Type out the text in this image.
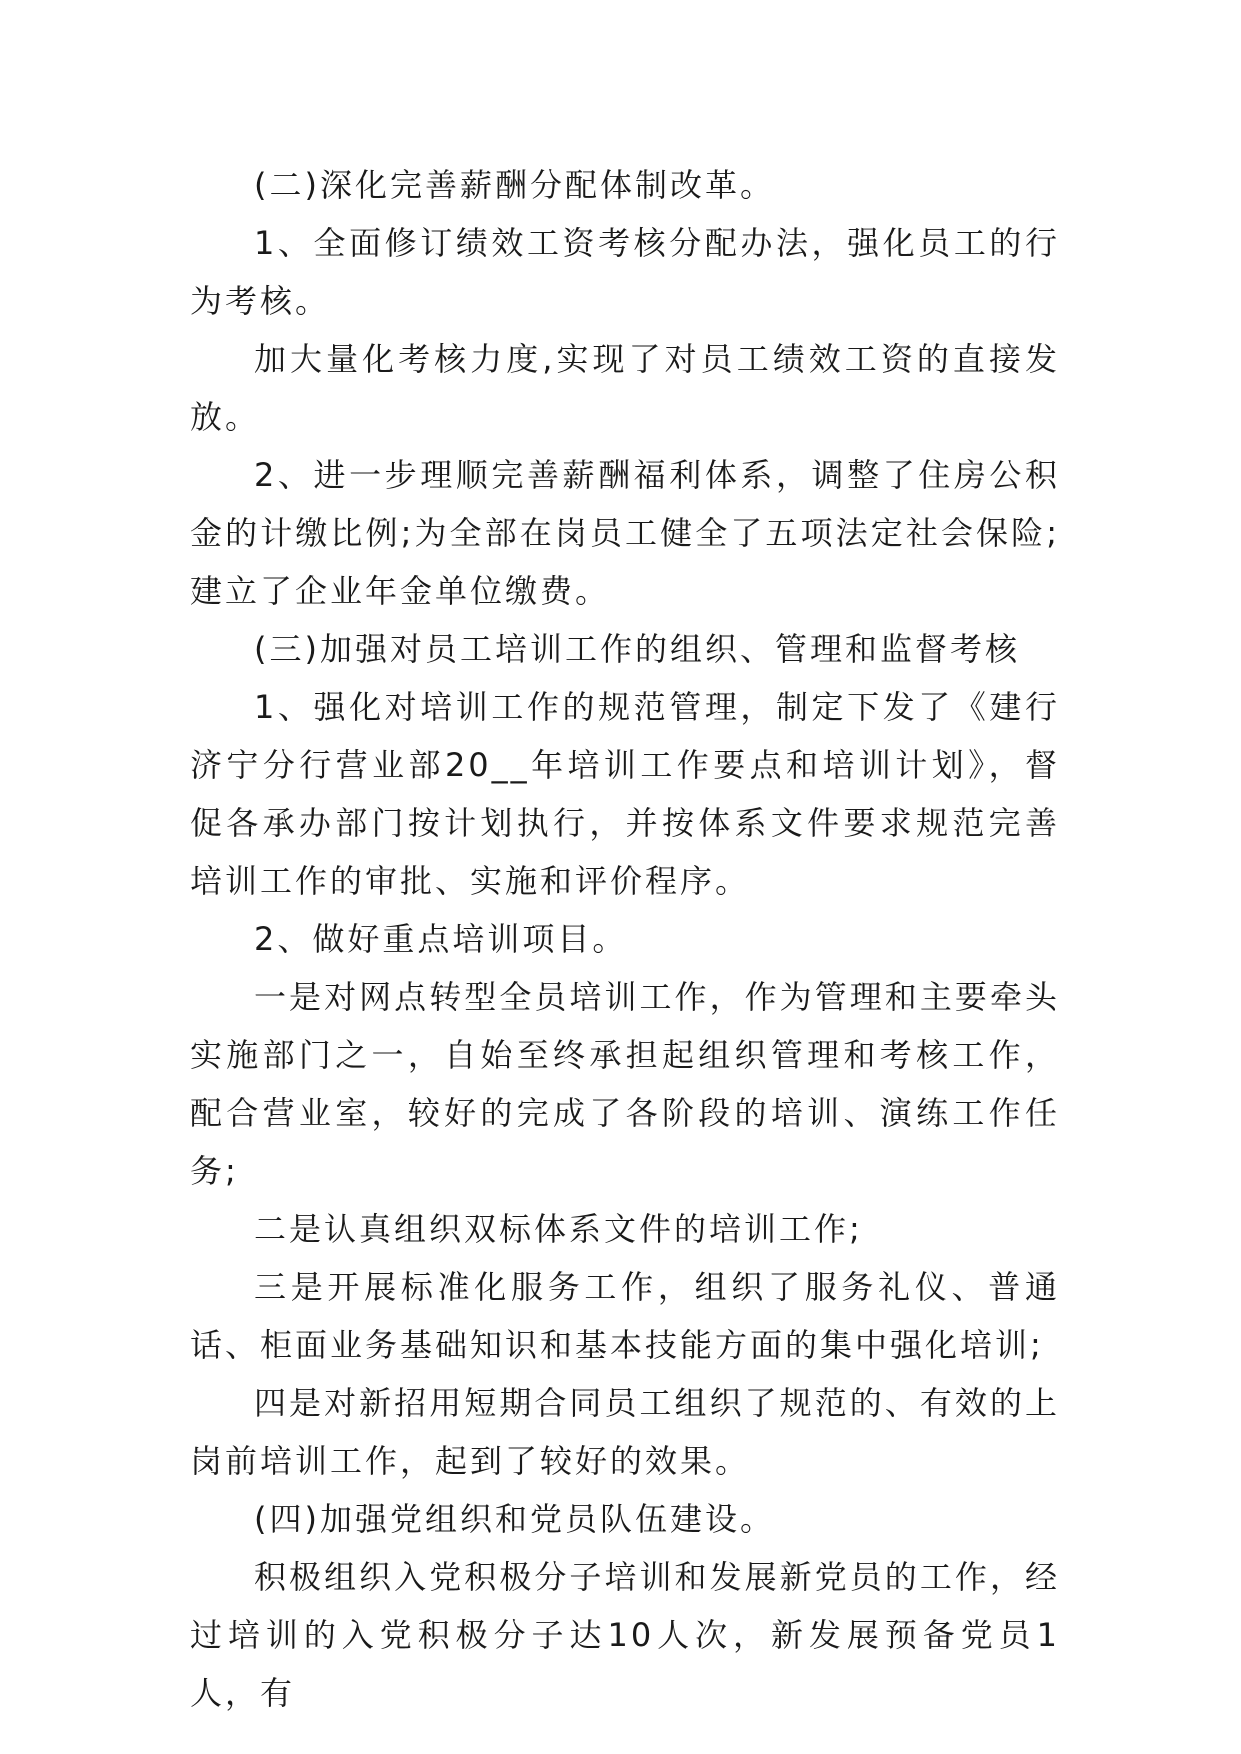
(二)深化完善薪酬分配体制改革。

1、全面修订绩效工资考核分配办法，强化员工的行为考核。

加大量化考核力度,实现了对员工绩效工资的直接发放。

2、进一步理顺完善薪酬福利体系，调整了住房公积金的计缴比例;为全部在岗员工健全了五项法定社会保险;建立了企业年金单位缴费。

(三)加强对员工培训工作的组织、管理和监督考核

1、强化对培训工作的规范管理，制定下发了《建行济宁分行营业部20__年培训工作要点和培训计划》，督促各承办部门按计划执行，并按体系文件要求规范完善培训工作的审批、实施和评价程序。

2、做好重点培训项目。

一是对网点转型全员培训工作，作为管理和主要牵头实施部门之一，自始至终承担起组织管理和考核工作，配合营业室，较好的完成了各阶段的培训、演练工作任务;

二是认真组织双标体系文件的培训工作;

三是开展标准化服务工作，组织了服务礼仪、普通话、柜面业务基础知识和基本技能方面的集中强化培训;

四是对新招用短期合同员工组织了规范的、有效的上岗前培训工作，起到了较好的效果。

(四)加强党组织和党员队伍建设。

积极组织入党积极分子培训和发展新党员的工作，经过培训的入党积极分子达10人次，新发展预备党员1人，有
